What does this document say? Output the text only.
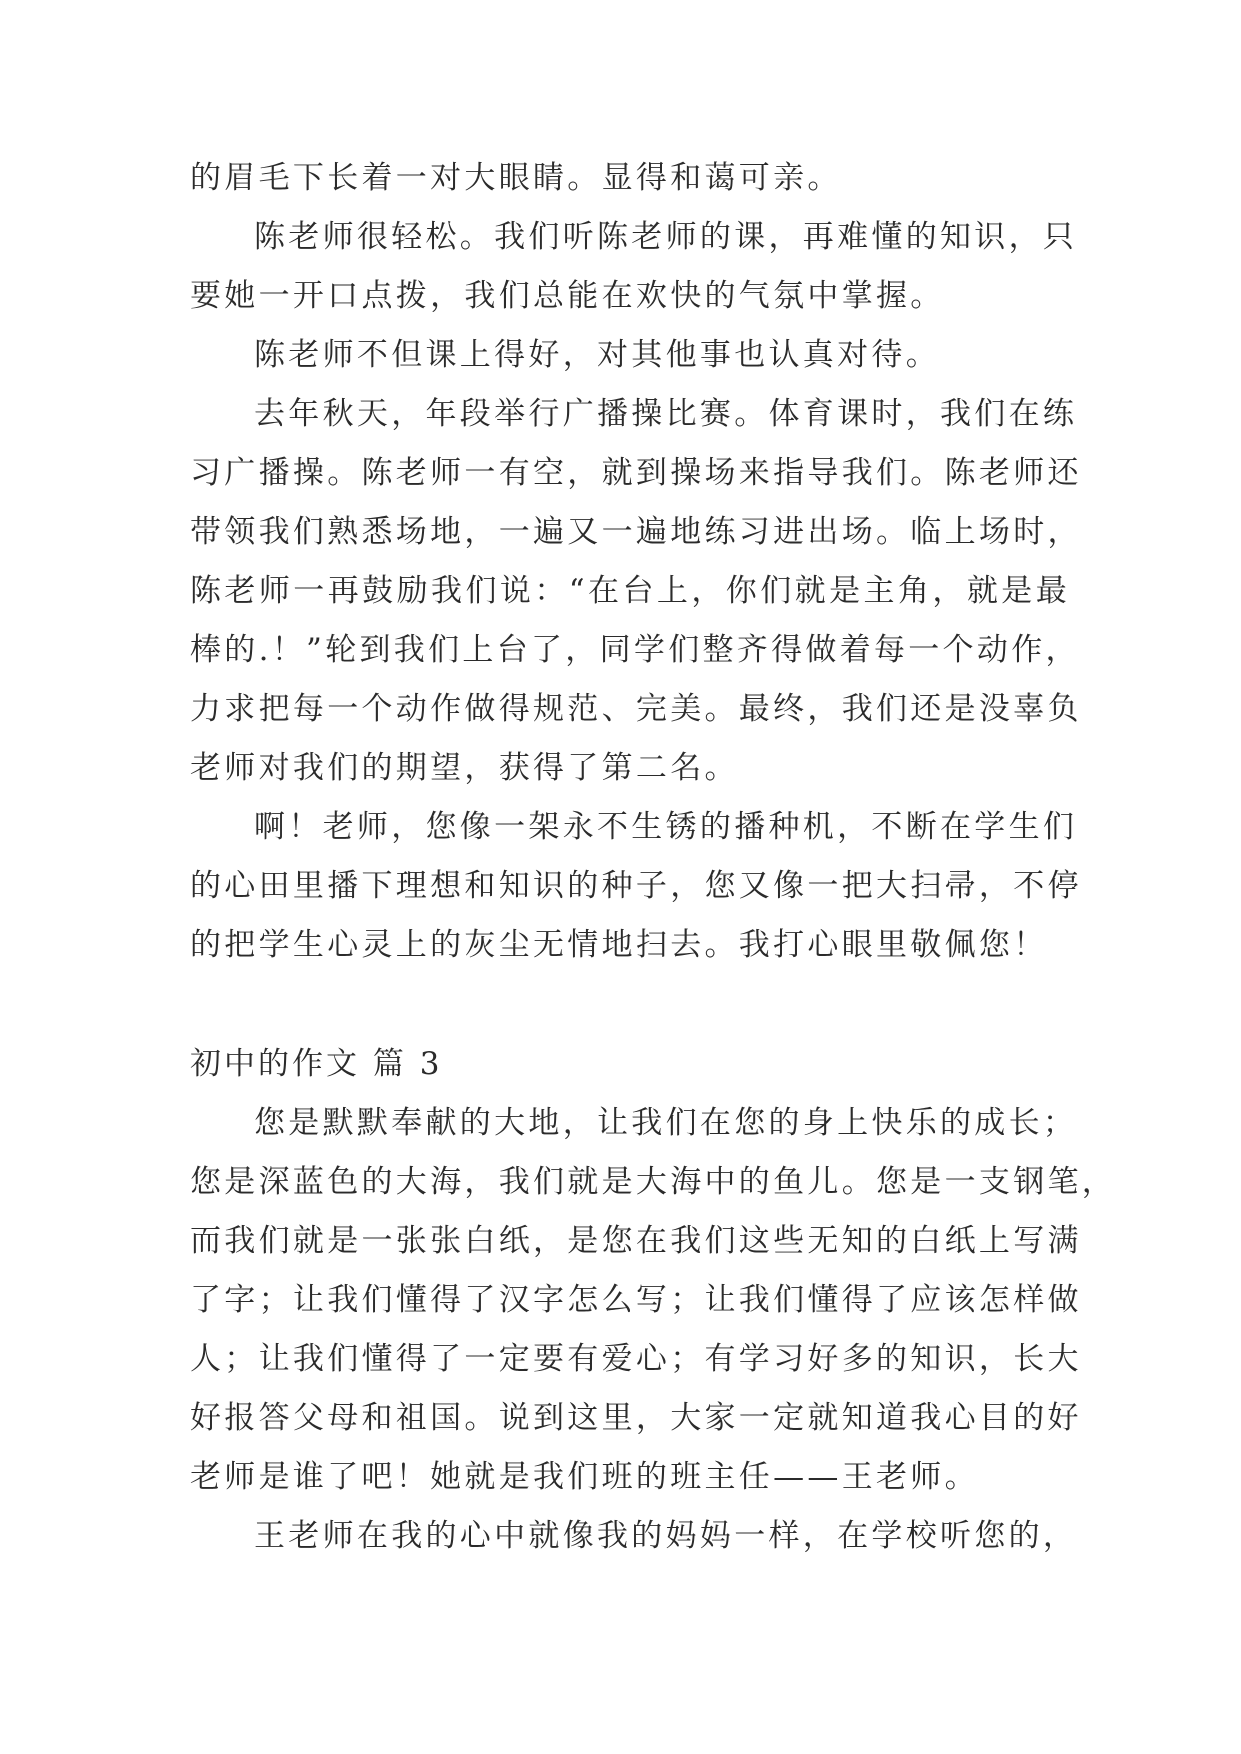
的眉毛下长着一对大眼睛。显得和蔼可亲。
陈老师很轻松。我们听陈老师的课，再难懂的知识，只
要她一开口点拨，我们总能在欢快的气氛中掌握。
陈老师不但课上得好，对其他事也认真对待。
去年秋天，年段举行广播操比赛。体育课时，我们在练
习广播操。陈老师一有空，就到操场来指导我们。陈老师还
带领我们熟悉场地，一遍又一遍地练习进出场。临上场时，
陈老师一再鼓励我们说：“在台上，你们就是主角，就是最
棒的.！”轮到我们上台了，同学们整齐得做着每一个动作，
力求把每一个动作做得规范、完美。最终，我们还是没辜负
老师对我们的期望，获得了第二名。
啊！老师，您像一架永不生锈的播种机，不断在学生们
的心田里播下理想和知识的种子，您又像一把大扫帚，不停
的把学生心灵上的灰尘无情地扫去。我打心眼里敬佩您！
初中的作文 篇 3
您是默默奉献的大地，让我们在您的身上快乐的成长；
您是深蓝色的大海，我们就是大海中的鱼儿。您是一支钢笔，
而我们就是一张张白纸，是您在我们这些无知的白纸上写满
了字；让我们懂得了汉字怎么写；让我们懂得了应该怎样做
人；让我们懂得了一定要有爱心；有学习好多的知识，长大
好报答父母和祖国。说到这里，大家一定就知道我心目的好
老师是谁了吧！她就是我们班的班主任——王老师。
王老师在我的心中就像我的妈妈一样，在学校听您的，
